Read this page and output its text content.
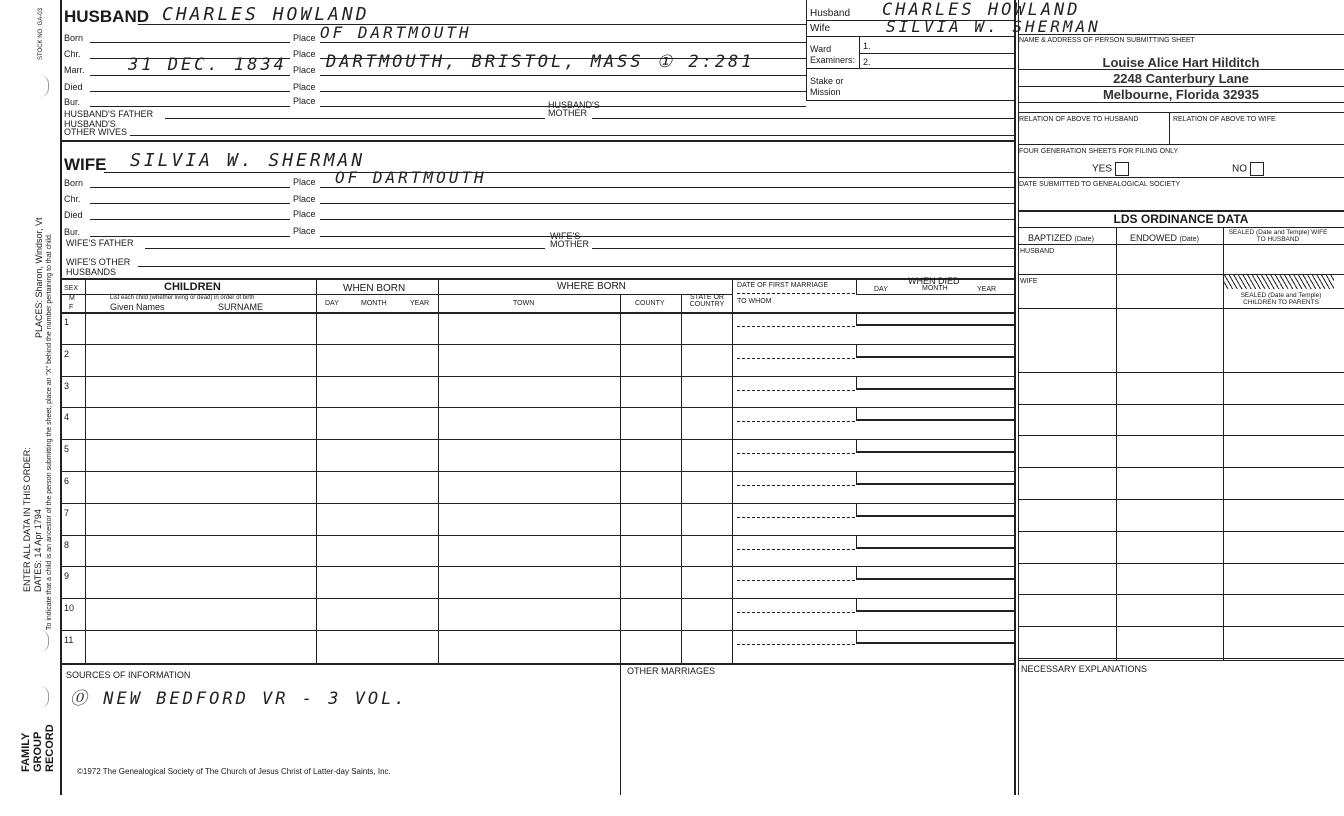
STOCK NO. GA-03
PLACES: Sharon, Windsor, Vt To indicate that a child is an ancestor of the person submitting the sheet, place an "X" behind the number pertaining to that child.
ENTER ALL DATA IN THIS ORDER: DATES: 14 Apr 1794
FAMILY
GROUP
RECORD
HUSBAND CHARLES HOWLAND
Born	Place OF DARTMOUTH
Chr.	Place
Marr.	31 DEC. 1834 Place DARTMOUTH, BRISTOL, MASS ① 2:281
Died	Place
Bur.	Place
HUSBAND'S FATHER
HUSBAND'S MOTHER
HUSBAND'S OTHER WIVES
WIFE SILVIA W. SHERMAN
Born	Place OF DARTMOUTH
Chr.	Place
Died	Place
Bur.	Place
WIFE'S FATHER
WIFE'S MOTHER
WIFE'S OTHER HUSBANDS
Husband CHARLES HOWLAND
Wife	SILVIA W. SHERMAN
Ward Examiners:
1.
2.
Stake or Mission
NAME & ADDRESS OF PERSON SUBMITTING SHEET
Louise Alice Hart Hilditch
2248 Canterbury Lane
Melbourne, Florida 32935
RELATION OF ABOVE TO HUSBAND	RELATION OF ABOVE TO WIFE
FOUR GENERATION SHEETS FOR FILING ONLY
YES	NO
DATE SUBMITTED TO GENEALOGICAL SOCIETY
LDS ORDINANCE DATA
BAPTIZED (Date)	ENDOWED (Date)
SEALED (Date and Temple) WIFE TO HUSBAND
HUSBAND
WIFE
SEALED (Date and Temple) CHILDREN TO PARENTS
SEX
M
F
CHILDREN
List each child (whether living or dead) in order of birth
Given Names	SURNAME
WHEN BORN
DAY	MONTH	YEAR
WHERE BORN
TOWN	COUNTY
STATE OR COUNTRY
DATE OF FIRST MARRIAGE
TO WHOM
WHEN DIED
DAY	MONTH	YEAR
1
2
3
4
5
6
7
8
9
10
11
SOURCES OF INFORMATION
⓪ NEW BEDFORD VR - 3 VOL.
OTHER MARRIAGES	NECESSARY EXPLANATIONS
©1972 The Genealogical Society of The Church of Jesus Christ of Latter-day Saints, Inc.
